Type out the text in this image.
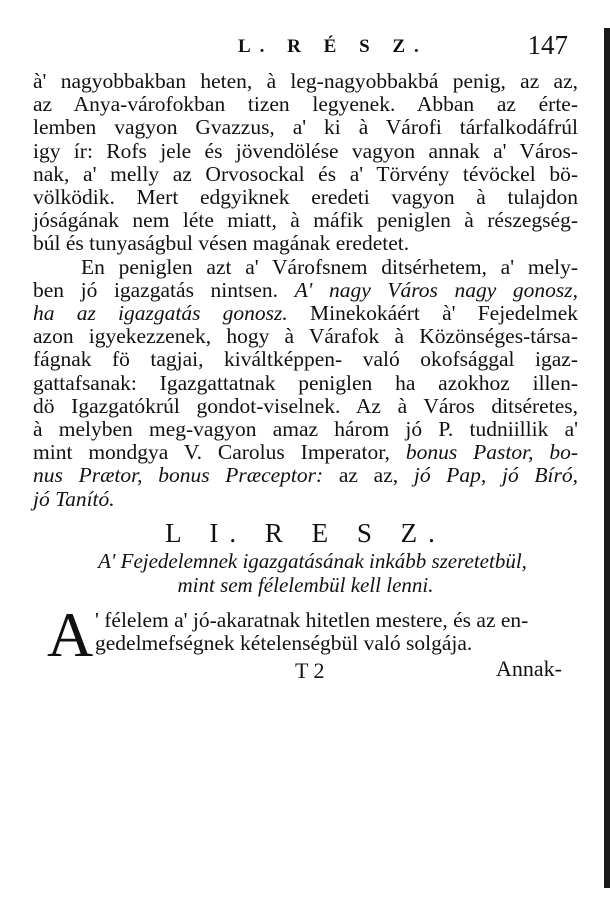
L. R É S Z.	147
à' nagyobbakban heten, à leg-nagyobbakbá penig, az az,
az Anya-várofokban tizen legyenek. Abban az érte-
lemben vagyon Gvazzus, a' ki à Várofi tárfalkodáfrúl
igy ír: Rofs jele és jövendölése vagyon annak a' Város-
nak, a' melly az Orvosockal és a' Törvény tévöckel bö-
völködik. Mert edgyiknek eredeti vagyon à tulajdon
jóságának nem léte miatt, à máfik peniglen à részegség-
búl és tunyaságbul vésen magának eredetet.
En peniglen azt a' Várofsnem ditsérhetem, a' mely-
ben jó igazgatás nintsen. A' nagy Város nagy gonosz,
ha az igazgatás gonosz. Minekokáért à' Fejedelmek
azon igyekezzenek, hogy à Várafok à Közönséges-társa-
fágnak fö tagjai, kiváltképpen- való okofsággal igaz-
gattafsanak: Igazgattatnak peniglen ha azokhoz illen-
dö Igazgatókrúl gondot-viselnek. Az à Város ditséretes,
à melyben meg-vagyon amaz három jó P. tudniillik a'
mint mondgya V. Carolus Imperator, bonus Pastor, bo-
nus Prætor, bonus Præceptor: az az, jó Pap, jó Bíró,
jó Tanító.
L I. R E S Z.
A' Fejedelemnek igazgatásának inkább szeretetbül,
mint sem félelembül kell lenni.
A ' félelem a' jó-akaratnak hitetlen mestere, és az en-
gedelmefségnek kételenségbül való solgája.
T 2	Annak-
